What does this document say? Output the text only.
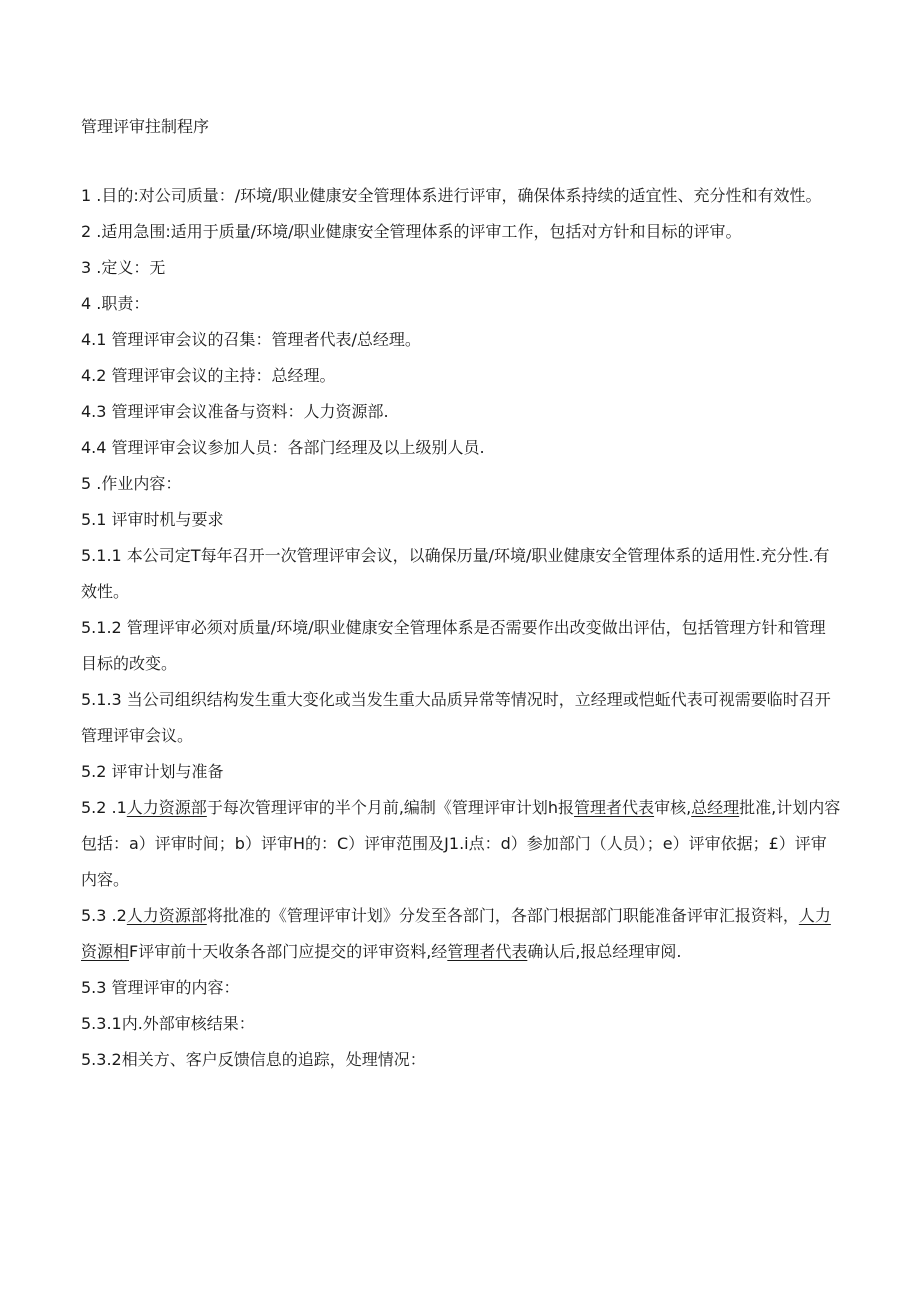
管理评审拄制程序

1 .目的:对公司质量：/环境/职业健康安全管理体系进行评审，确保体系持续的适宜性、充分性和有效性。

2 .适用急围:适用于质量/环境/职业健康安全管理体系的评审工作，包括对方针和目标的评审。

3 .定义：无

4 .职责：

4.1 管理评审会议的召集：管理者代表/总经理。

4.2 管理评审会议的主持：总经理。

4.3 管理评审会议准备与资料：人力资源部.

4.4 管理评审会议参加人员：各部门经理及以上级别人员.

5 .作业内容：

5.1 评审时机与要求

5.1.1 本公司定T每年召开一次管理评审会议，以确保历量/环境/职业健康安全管理体系的适用性.充分性.有效性。

5.1.2 管理评审必须对质量/环境/职业健康安全管理体系是否需要作出改变做出评估，包括管理方针和管理目标的改变。

5.1.3 当公司组织结构发生重大变化或当发生重大品质异常等情况时，立经理或恺蚯代表可视需要临时召开管理评审会议。

5.2 评审计划与准备

5.2 .1人力资源部于每次管理评审的半个月前,编制《管理评审计划h报管理者代表审核,总经理批准,计划内容包括：a）评审时间；b）评审H的：C）评审范围及J1.i点：d）参加部门（人员）；e）评审依据；£）评审内容。

5.3 .2人力资源部将批准的《管理评审计划》分发至各部门，各部门根据部门职能准备评审汇报资料，人力资源相F评审前十天收条各部门应提交的评审资料,经管理者代表确认后,报总经理审阅.

5.3 管理评审的内容：

5.3.1内.外部审核结果：

5.3.2相关方、客户反馈信息的追踪，处理情况：
